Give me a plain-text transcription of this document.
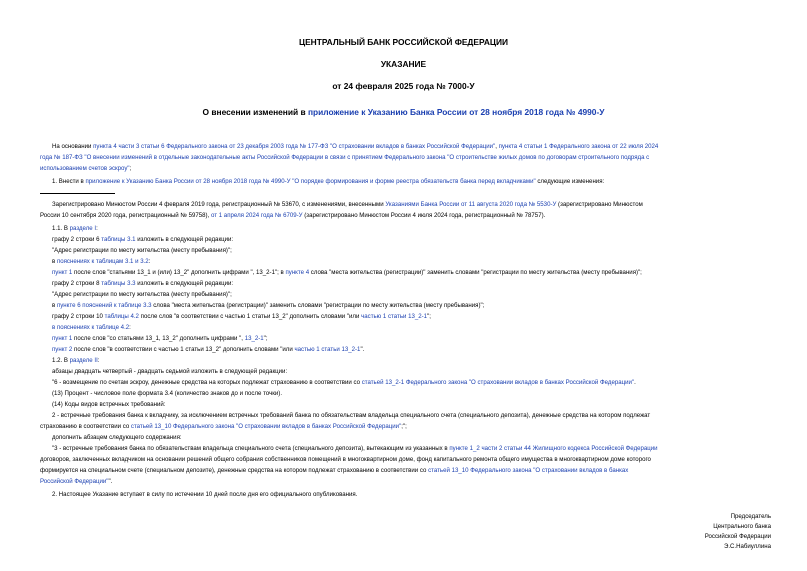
ЦЕНТРАЛЬНЫЙ БАНК РОССИЙСКОЙ ФЕДЕРАЦИИ
УКАЗАНИЕ
от 24 февраля 2025 года № 7000-У
О внесении изменений в приложение к Указанию Банка России от 28 ноября 2018 года № 4990-У
На основании пункта 4 части 3 статьи 6 Федерального закона от 23 декабря 2003 года № 177-ФЗ "О страховании вкладов в банках Российской Федерации", пункта 4 статьи 1 Федерального закона от 22 июля 2024
года № 187-ФЗ "О внесении изменений в отдельные законодательные акты Российской Федерации в связи с принятием Федерального закона "О строительстве жилых домов по договорам строительного подряда с
использованием счетов эскроу";
1. Внести в приложение к Указанию Банка России от 28 ноября 2018 года № 4990-У "О порядке формирования и форме реестра обязательств банка перед вкладчиками" следующие изменения:
Зарегистрировано Минюстом России 4 февраля 2019 года, регистрационный № 53670, с изменениями, внесенными Указаниями Банка России от 11 августа 2020 года № 5530-У (зарегистрировано Минюстом
России 10 сентября 2020 года, регистрационный № 59758), от 1 апреля 2024 года № 6709-У (зарегистрировано Минюстом России 4 июля 2024 года, регистрационный № 78757).
1.1. В разделе I:
графу 2 строки 6 таблицы 3.1 изложить в следующей редакции:
"Адрес регистрации по месту жительства (месту пребывания)";
в пояснениях к таблицам 3.1 и 3.2:
пункт 1 после слов "статьями 13_1 и (или) 13_2" дополнить цифрами ", 13_2-1"; в пункте 4 слова "места жительства (регистрации)" заменить словами "регистрации по месту жительства (месту пребывания)";
графу 2 строки 8 таблицы 3.3 изложить в следующей редакции:
"Адрес регистрации по месту жительства (месту пребывания)";
в пункте 6 пояснений к таблице 3.3 слова "места жительства (регистрации)" заменить словами "регистрации по месту жительства (месту пребывания)";
графу 2 строки 10 таблицы 4.2 после слов "в соответствии с частью 1 статьи 13_2" дополнить словами "или частью 1 статьи 13_2-1";
в пояснениях к таблице 4.2:
пункт 1 после слов "со статьями 13_1, 13_2" дополнить цифрами ", 13_2-1";
пункт 2 после слов "в соответствии с частью 1 статьи 13_2" дополнить словами "или частью 1 статьи 13_2-1".
1.2. В разделе II:
абзацы двадцать четвертый - двадцать седьмой изложить в следующей редакции:
"6 - возмещение по счетам эскроу, денежные средства на которых подлежат страхованию в соответствии со статьей 13_2-1 Федерального закона "О страховании вкладов в банках Российской Федерации".
(13) Процент - числовое поле формата 3.4 (количество знаков до и после точки).
(14) Коды видов встречных требований:
2 - встречные требования банка к вкладчику, за исключением встречных требований банка по обязательствам владельца специального счета (специального депозита), денежные средства на котором подлежат
страхованию в соответствии со статьей 13_10 Федерального закона "О страховании вкладов в банках Российской Федерации";";
дополнить абзацем следующего содержания:
"3 - встречные требования банка по обязательствам владельца специального счета (специального депозита), вытекающим из указанных в пункте 1_2 части 2 статьи 44 Жилищного кодекса Российской Федерации
договоров, заключенных вкладчиком на основании решений общего собрания собственников помещений в многоквартирном доме, фонд капитального ремонта общего имущества в многоквартирном доме которого
формируется на специальном счете (специальном депозите), денежные средства на котором подлежат страхованию в соответствии со статьей 13_10 Федерального закона "О страховании вкладов в банках
Российской Федерации"".
2. Настоящее Указание вступает в силу по истечении 10 дней после дня его официального опубликования.
Председатель
Центрального банка
Российской Федерации
Э.С.Набиуллина
